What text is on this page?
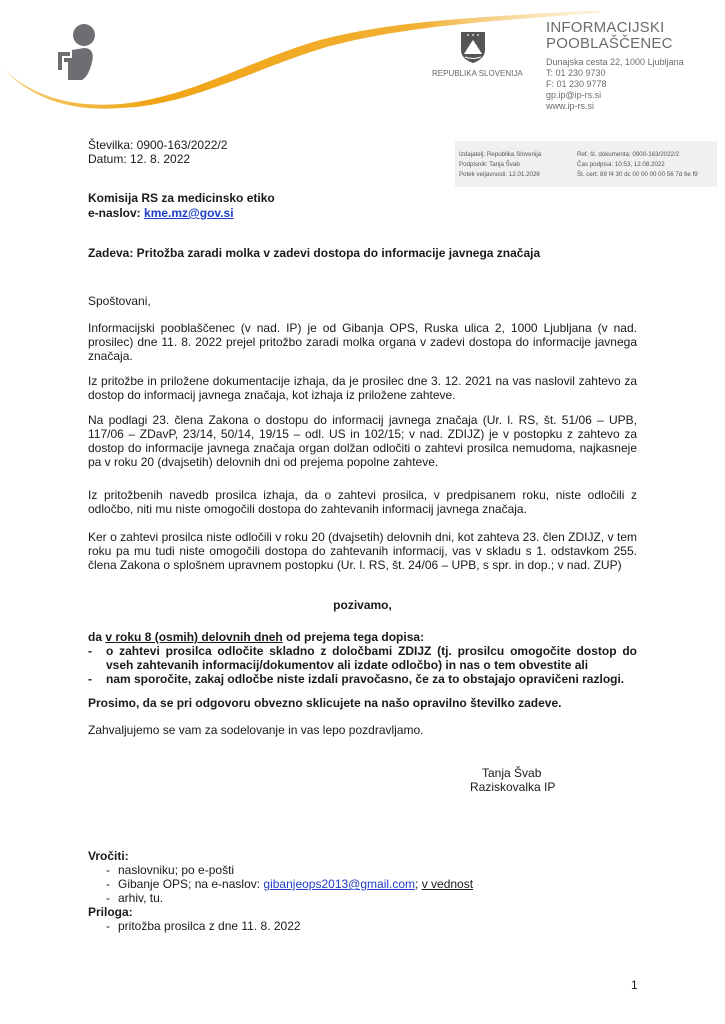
REPUBLIKA SLOVENIJA
INFORMACIJSKI
POOBLAŠČENEC
Dunajska cesta 22, 1000 Ljubljana
T: 01 230 9730
F: 01 230 9778
gp.ip@ip-rs.si
www.ip-rs.si
Številka: 0900-163/2022/2
Datum: 12. 8. 2022	Izdajatelj: Republika Slovenija
Podpisnik: Tanja Švab
Potek veljavnosti: 12.01.2026
Ref. št. dokumenta: 0900-163/2022/2
Čas podpisa: 10:53, 12.08.2022
Št. cert: 89 f4 30 dc 00 00 00 00 56 7d 6e f9
Komisija RS za medicinsko etiko
e-naslov: kme.mz@gov.si
Zadeva: Pritožba zaradi molka v zadevi dostopa do informacije javnega značaja
Spoštovani,
Informacijski pooblaščenec (v nad. IP) je od Gibanja OPS, Ruska ulica 2, 1000 Ljubljana (v nad. prosilec) dne 11. 8. 2022 prejel pritožbo zaradi molka organa v zadevi dostopa do informacije javnega značaja.
Iz pritožbe in priložene dokumentacije izhaja, da je prosilec dne 3. 12. 2021 na vas naslovil zahtevo za dostop do informacij javnega značaja, kot izhaja iz priložene zahteve.
Na podlagi 23. člena Zakona o dostopu do informacij javnega značaja (Ur. l. RS, št. 51/06 – UPB, 117/06 – ZDavP, 23/14, 50/14, 19/15 – odl. US in 102/15; v nad. ZDIJZ) je v postopku z zahtevo za dostop do informacije javnega značaja organ dolžan odločiti o zahtevi prosilca nemudoma, najkasneje pa v roku 20 (dvajsetih) delovnih dni od prejema popolne zahteve.
Iz pritožbenih navedb prosilca izhaja, da o zahtevi prosilca, v predpisanem roku, niste odločili z odločbo, niti mu niste omogočili dostopa do zahtevanih informacij javnega značaja.
Ker o zahtevi prosilca niste odločili v roku 20 (dvajsetih) delovnih dni, kot zahteva 23. člen ZDIJZ, v tem roku pa mu tudi niste omogočili dostopa do zahtevanih informacij, vas v skladu s 1. odstavkom 255. člena Zakona o splošnem upravnem postopku (Ur. l. RS, št. 24/06 – UPB, s spr. in dop.; v nad. ZUP)
pozivamo,
da v roku 8 (osmih) delovnih dneh od prejema tega dopisa:
- o zahtevi prosilca odločite skladno z določbami ZDIJZ (tj. prosilcu omogočite dostop do vseh zahtevanih informacij/dokumentov ali izdate odločbo) in nas o tem obvestite ali
- nam sporočite, zakaj odločbe niste izdali pravočasno, če za to obstajajo opravičeni razlogi.
Prosimo, da se pri odgovoru obvezno sklicujete na našo opravilno številko zadeve.
Zahvaljujemo se vam za sodelovanje in vas lepo pozdravljamo.
Tanja Švab
Raziskovalka IP
Vročiti:
- naslovniku; po e-pošti
- Gibanje OPS; na e-naslov: gibanjeops2013@gmail.com; v vednost
- arhiv, tu.
Priloga:
- pritožba prosilca z dne 11. 8. 2022
1
